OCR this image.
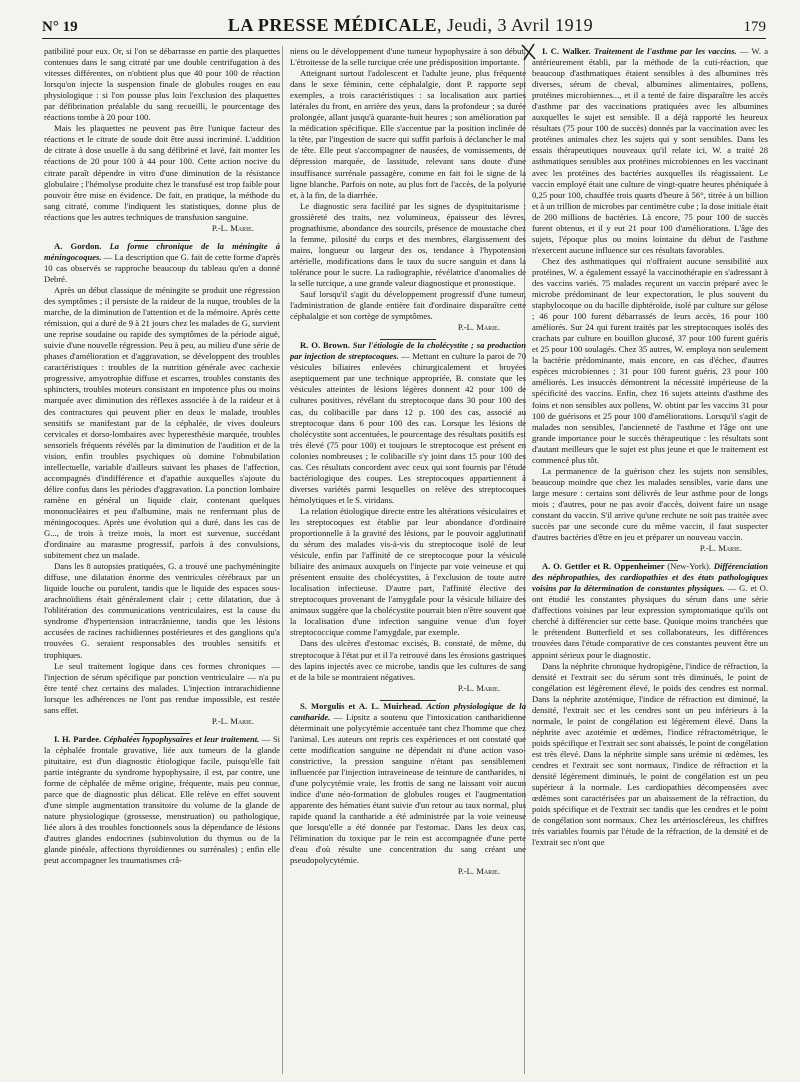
N° 19	LA PRESSE MÉDICALE, Jeudi, 3 Avril 1919	179

patibilité pour eux. Or, si l'on se débarrasse en partie des plaquettes contenues dans le sang citraté par une double centrifugation à des vitesses différentes, on n'obtient plus que 40 pour 100 de réaction lorsqu'on injecte la suspension finale de globules rouges en eau physiologique : si l'on pousse plus loin l'exclusion des plaquettes par défibrination préalable du sang recueilli, le pourcentage des réactions tombe à 20 pour 100.

Mais les plaquettes ne peuvent pas être l'unique facteur des réactions et le citrate de soude doit être aussi incriminé. L'addition de citrate à dose usuelle à du sang défibriné et lavé, fait monter les réactions de 20 pour 100 à 44 pour 100. Cette action nocive du citrate paraît dépendre in vitro d'une diminution de la résistance globulaire ; l'hémolyse produite chez le transfusé est trop faible pour pouvoir être mise en évidence. De fait, en pratique, la méthode du sang citraté, comme l'indiquent les statistiques, donne plus de réactions que les autres techniques de transfusion sanguine.

P.-L. Marie.

A. Gordon. La forme chronique de la méningite à méningocoques. — La description que G. fait de cette forme d'après 10 cas observés se rapproche beaucoup du tableau qu'en a donné Debré.

Après un début classique de méningite se produit une régression des symptômes ; il persiste de la raideur de la nuque, troubles de la marche, de la diminution de l'attention et de la mémoire. Après cette rémission, qui a duré de 9 à 21 jours chez les malades de G, survient une reprise soudaine ou rapide des symptômes de la période aiguë, suivie d'une nouvelle régression. Peu à peu, au milieu d'une série de phases d'amélioration et d'aggravation, se développent des troubles caractéristiques : troubles de la nutrition générale avec cachexie progressive, amyotrophie diffuse et escarres, troubles constants des sphincters, troubles moteurs consistant en impotence plus ou moins marquée avec diminution des réflexes associée à de la raideur et à des contractures qui peuvent plier en deux le malade, troubles sensitifs se manifestant par de la céphalée, de vives douleurs cervicales et dorso-lombaires avec hyperesthésie marquée, troubles sensoriels fréquents révélés par la diminution de l'audition et de la vision, enfin troubles psychiques où domine l'obnubilation intellectuelle, variable d'ailleurs suivant les phases de l'affection, accompagnés d'indifférence et d'apathie auxquelles s'ajoute du délire confus dans les périodes d'aggravation. La ponction lombaire ramène en général un liquide clair, contenant quelques mononucléaires et peu d'albumine, mais ne renfermant plus de méningocoques. Après une évolution qui a duré, dans les cas de G..., de trois à treize mois, la mort est survenue, succédant d'ordinaire au marasme progressif, parfois à des convulsions, subitement chez un malade.

Dans les 8 autopsies pratiquées, G. a trouvé une pachyméningite diffuse, une dilatation énorme des ventricules cérébraux par un liquide louche ou purulent, tandis que le liquide des espaces sous-arachnoïdiens était généralement clair ; cette dilatation, due à l'oblitération des communications ventriculaires, est la cause du syndrome d'hypertension intracrânienne, tandis que les lésions accusées de racines rachidiennes postérieures et des ganglions qu'a trouvées G. seraient responsables des troubles sensitifs et trophiques.

Le seul traitement logique dans ces formes chroniques — l'injection de sérum spécifique par ponction ventriculaire — n'a pu être tenté chez certains des malades. L'injection intrarachidienne lorsque les adhérences ne l'ont pas rendue impossible, est restée sans effet.

P.-L. Marie.

I. H. Pardee. Céphalées hypophysaires et leur traitement. — Si la céphalée frontale gravative, liée aux tumeurs de la glande pituitaire, est d'un diagnostic étiologique facile, puisqu'elle fait partie intégrante du syndrome hypophysaire, il est, par contre, une forme de céphalée de même origine, fréquente, mais peu connue, parce que de diagnostic plus délicat. Elle relève en effet souvent d'une simple augmentation transitoire du volume de la glande de nature physiologique (grossesse, menstruation) ou pathologique, liée alors à des troubles fonctionnels sous la dépendance de lésions d'autres glandes endocrines (subinvolution du thymus ou de la glande pinéale, affections thyroïdiennes ou surrénales) ; enfin elle peut accompagner les traumatismes crâ-

niens ou le développement d'une tumeur hypophysaire à son début. L'étroitesse de la selle turcique crée une prédisposition importante.

Atteignant surtout l'adolescent et l'adulte jeune, plus fréquente dans le sexe féminin, cette céphalalgie, dont P. rapporte sept exemples, a trois caractéristiques : sa localisation aux parties latérales du front, en arrière des yeux, dans la profondeur ; sa durée prolongée, allant jusqu'à quarante-huit heures ; son amélioration par la médication spécifique. Elle s'accentue par la position inclinée de la tête, par l'ingestion de sucre qui suffit parfois à déclancher le mal de tête. Elle peut s'accompagner de nausées, de vomissements, de dépression marquée, de lassitude, relevant sans doute d'une insuffisance surrénale passagère, comme en fait foi le signe de la ligne blanche. Parfois on note, au plus fort de l'accès, de la polyurie et, à la fin, de la diarrhée.

Le diagnostic sera facilité par les signes de dyspituitarisme : grossièreté des traits, nez volumineux, épaisseur des lèvres, prognathisme, abondance des sourcils, présence de moustache chez la femme, pilosité du corps et des membres, élargissement des mains, longueur ou largeur des os, tendance à l'hypotension artérielle, modifications dans le taux du sucre sanguin et dans la tolérance pour le sucre. La radiographie, révélatrice d'anomalies de la selle turcique, a une grande valeur diagnostique et pronostique.

Sauf lorsqu'il s'agit du développement progressif d'une tumeur, l'administration de glande entière fait d'ordinaire disparaître cette céphalalgie et son cortège de symptômes.

P.-L. Marie.

R. O. Brown. Sur l'étiologie de la cholécystite ; sa production par injection de streptocoques. — Mettant en culture la paroi de 70 vésicules biliaires enlevées chirurgicalement et broyées aseptiquement par une technique appropriée, B. constate que les vésicules atteintes de lésions légères donnent 42 pour 100 de cultures positives, révélant du streptocoque dans 30 pour 100 des cas, du colibacille par dans 12 p. 100 des cas, associé au streptocoque dans 6 pour 100 des cas. Lorsque les lésions de cholécystite sont accentuées, le pourcentage des résultats positifs est très élevé (75 pour 100) et toujours le streptocoque est présent en colonies nombreuses ; le colibacille s'y joint dans 15 pour 100 des cas. Ces résultats concordent avec ceux qui sont fournis par l'étude bactériologique des coupes. Les streptocoques appartiennent à diverses variétés parmi lesquelles on relève des streptocoques hémolytiques et le S. viridans.

La relation étiologique directe entre les altérations vésiculaires et les streptocoques est établie par leur abondance d'ordinaire proportionnelle à la gravité des lésions, par le pouvoir agglutinatif du sérum des malades vis-à-vis du streptocoque isolé de leur vésicule, enfin par l'affinité de ce streptocoque pour la vésicule biliaire des animaux auxquels on l'injecte par voie veineuse et qui présentent ensuite des cholécystites, à l'exclusion de toute autre localisation infectieuse. D'autre part, l'affinité élective des streptocoques provenant de l'amygdale pour la vésicule biliaire des animaux suggère que la cholécystite pourrait bien n'être souvent que la localisation d'une infection sanguine venue d'un foyer streptococcique comme l'amygdale, par exemple.

Dans des ulcères d'estomac excisés, B. constaté, de même, du streptocoque à l'état pur et il l'a retrouvé dans les érosions gastriques des lapins injectés avec ce microbe, tandis que les cultures de sang et de la bile se montraient négatives.

P.-L. Marie.

S. Morgulis et A. L. Muirhead. Action physiologique de la cantharide. — Lipsitz a soutenu que l'intoxication cantharidienne déterminait une polycytémie accentuée tant chez l'homme que chez l'animal. Les auteurs ont repris ces expériences et ont constaté que cette modification sanguine ne dépendait ni d'une action vaso-constrictive, la pression sanguine n'étant pas sensiblement influencée par l'injection intraveineuse de teinture de cantharides, ni d'une polycytémie vraie, les frottis de sang ne laissant voir aucun indice d'une néo-formation de globules rouges et l'augmentation apparente des hématies étant suivie d'un retour au taux normal, plus rapide quand la cantharide a été administrée par la voie veineuse que lorsqu'elle a été donnée par l'estomac. Dans les deux cas, l'élimination du toxique par le rein est accompagnée d'une perte d'eau d'où résulte une concentration du sang créant une pseudopolycytémie.

P.-L. Marie.

I. C. Walker. Traitement de l'asthme par les vaccins. — W. a antérieurement établi, par la méthode de la cuti-réaction, que beaucoup d'asthmatiques étaient sensibles à des albumines très diverses, sérum de cheval, albumines alimentaires, pollens, protéines microbiennes..., et il a tenté de faire disparaître les accès d'asthme par des vaccinations pratiquées avec les albumines auxquelles le sujet est sensible. Il a déjà rapporté les heureux résultats (75 pour 100 de succès) donnés par la vaccination avec les protéines animales chez les sujets qui y sont sensibles. Dans les essais thérapeutiques nouveaux qu'il relate ici, W. a traité 28 asthmatiques sensibles aux protéines microbiennes en les vaccinant avec les protéines des bactéries auxquelles ils réagissaient. Le vaccin employé était une culture de vingt-quatre heures phéniquée à 0,25 pour 100, chauffée trois quarts d'heure à 56°, titrée à un billion et à un trillion de microbes par centimètre cube ; la dose initiale était de 200 millions de bactéries. Là encore, 75 pour 100 de succès furent obtenus, et il y eut 21 pour 100 d'améliorations. L'âge des sujets, l'époque plus ou moins lointaine du début de l'asthme n'exercent aucune influence sur ces résultats favorables.

Chez des asthmatiques qui n'offraient aucune sensibilité aux protéines, W. a également essayé la vaccinothérapie en s'adressant à des vaccins variés. 75 malades reçurent un vaccin préparé avec le microbe prédominant de leur expectoration, le plus souvent du staphylocoque ou du bacille diphtéroïde, isolé par culture sur gélose ; 46 pour 100 furent débarrassés de leurs accès, 16 pour 100 améliorés. Sur 24 qui furent traités par les streptocoques isolés des crachats par culture en bouillon glucosé, 37 pour 100 furent guéris et 25 pour 100 soulagés. Chez 35 autres, W. employa non seulement la bactérie prédominante, mais encore, en cas d'échec, d'autres espèces microbiennes ; 31 pour 100 furent guéris, 23 pour 100 améliorés. Les insuccès démontrent la nécessité impérieuse de la spécificité des vaccins. Enfin, chez 16 sujets atteints d'asthme des foins et non sensibles aux pollens, W. obtint par les vaccins 31 pour 100 de guérisons et 25 pour 100 d'améliorations. Lorsqu'il s'agit de malades non sensibles, l'ancienneté de l'asthme et l'âge ont une grande importance pour le succès thérapeutique : les résultats sont d'autant meilleurs que le sujet est plus jeune et que le traitement est commencé plus tôt.

La permanence de la guérison chez les sujets non sensibles, beaucoup moindre que chez les malades sensibles, varie dans une large mesure : certains sont délivrés de leur asthme pour de longs mois ; d'autres, pour ne pas avoir d'accès, doivent faire un usage constant du vaccin. S'il arrive qu'une rechute ne soit pas traitée avec succès par une seconde cure du même vaccin, il faut suspecter d'autres bactéries d'être en jeu et préparer un nouveau vaccin.

P.-L. Marie.

A. O. Gettler et R. Oppenheimer (New-York). Différenciation des néphropathies, des cardiopathies et des états pathologiques voisins par la détermination de constantes physiques. — G. et O. ont étudié les constantes physiques du sérum dans une série d'affections voisines par leur expression symptomatique qu'ils ont cherché à différencier sur cette base. Quoique moins tranchées que le prétendent Butterfield et ses collaborateurs, les différences trouvées dans l'étude comparative de ces constantes peuvent être un appoint sérieux pour le diagnostic.

Dans la néphrite chronique hydropigène, l'indice de réfraction, la densité et l'extrait sec du sérum sont très diminués, le point de congélation est légèrement élevé, le poids des cendres est normal. Dans la néphrite azotémique, l'indice de réfraction est diminué, la densité, l'extrait sec et les cendres sont un peu inférieurs à la normale, le point de congélation est légèrement élevé. Dans la néphrite avec azotémie et œdèmes, l'indice réfractométrique, le poids spécifique et l'extrait sec sont abaissés, le point de congélation est très élevé. Dans la néphrite simple sans urémie ni œdèmes, les cendres et l'extrait sec sont normaux, l'indice de réfraction et la densité légèrement diminués, le point de congélation est un peu supérieur à la normale. Les cardiopathies décompensées avec œdèmes sont caractérisées par un abaissement de la réfraction, du poids spécifique et de l'extrait sec tandis que les cendres et le point de congélation sont normaux. Chez les artérioscléreux, les chiffres très variables fournis par l'étude de la réfraction, de la densité et de l'extrait sec n'ont que
